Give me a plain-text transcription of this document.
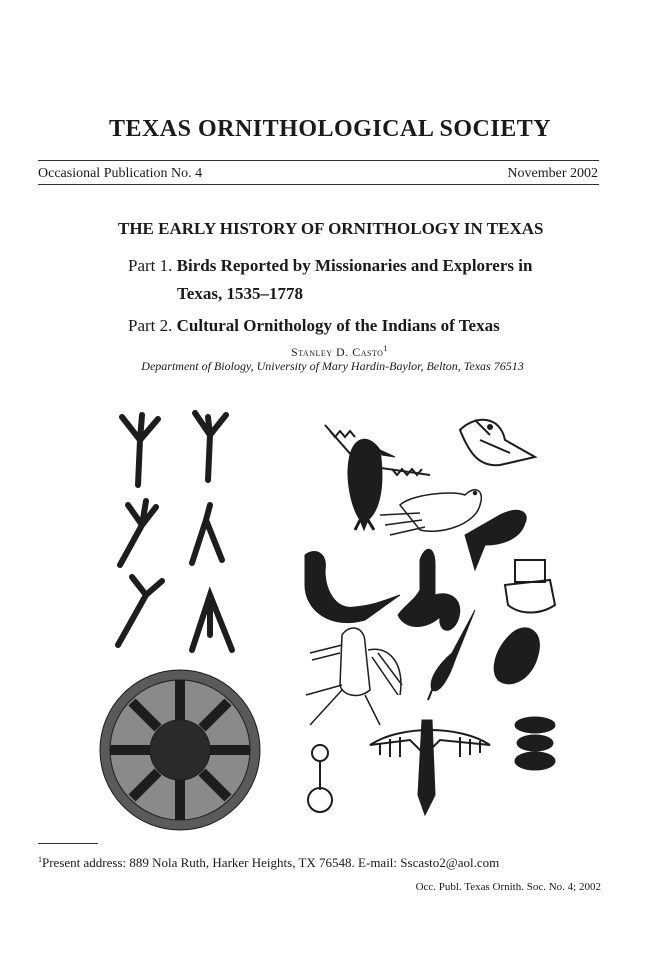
TEXAS ORNITHOLOGICAL SOCIETY
Occasional Publication No. 4	November 2002
THE EARLY HISTORY OF ORNITHOLOGY IN TEXAS
Part 1. Birds Reported by Missionaries and Explorers in
Texas, 1535–1778
Part 2. Cultural Ornithology of the Indians of Texas
Stanley D. Casto$^1$
Department of Biology, University of Mary Hardin-Baylor, Belton, Texas 76513
$^1$Present address: 889 Nola Ruth, Harker Heights, TX 76548. E-mail: Sscasto2@aol.com
Occ. Publ. Texas Ornith. Soc. No. 4; 2002
